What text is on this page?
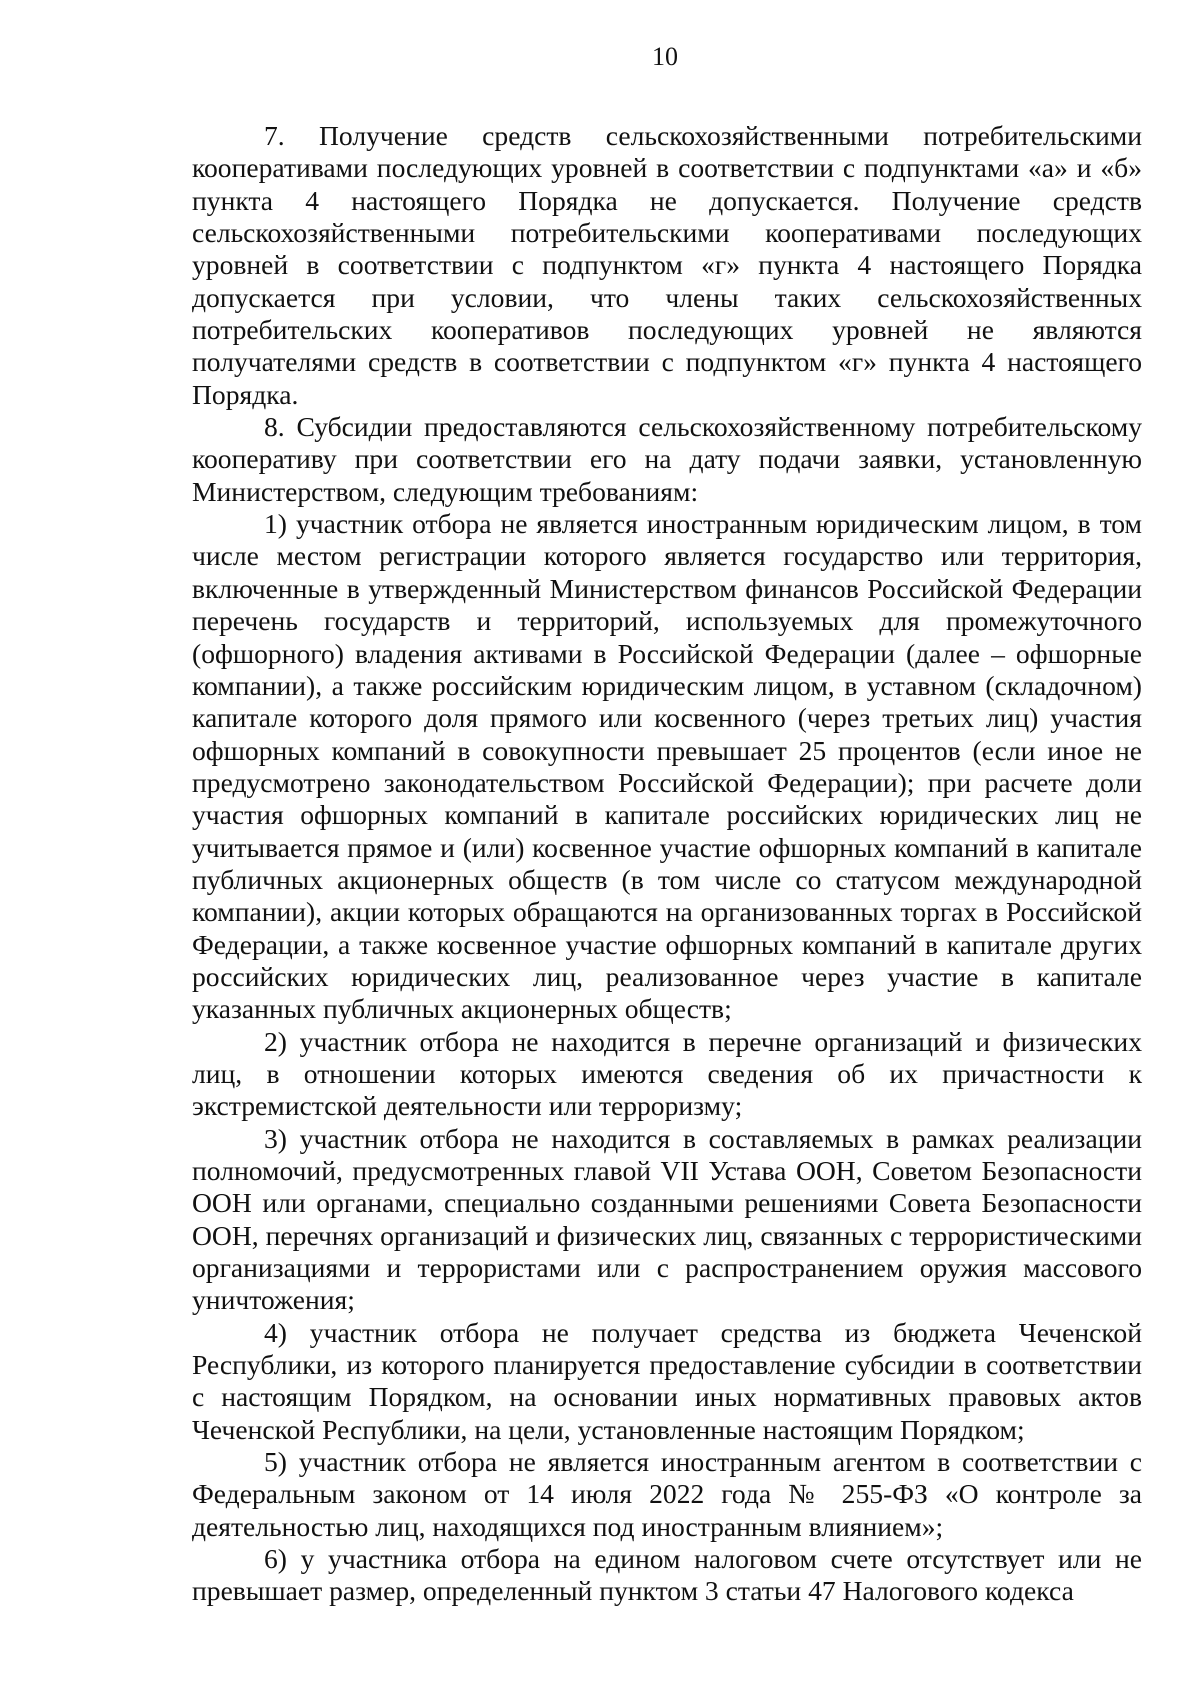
10

7. Получение средств сельскохозяйственными потребительскими кооперативами последующих уровней в соответствии с подпунктами «а» и «б» пункта 4 настоящего Порядка не допускается. Получение средств сельскохозяйственными потребительскими кооперативами последующих уровней в соответствии с подпунктом «г» пункта 4 настоящего Порядка допускается при условии, что члены таких сельскохозяйственных потребительских кооперативов последующих уровней не являются получателями средств в соответствии с подпунктом «г» пункта 4 настоящего Порядка.

8. Субсидии предоставляются сельскохозяйственному потребительскому кооперативу при соответствии его на дату подачи заявки, установленную Министерством, следующим требованиям:

1) участник отбора не является иностранным юридическим лицом, в том числе местом регистрации которого является государство или территория, включенные в утвержденный Министерством финансов Российской Федерации перечень государств и территорий, используемых для промежуточного (офшорного) владения активами в Российской Федерации (далее – офшорные компании), а также российским юридическим лицом, в уставном (складочном) капитале которого доля прямого или косвенного (через третьих лиц) участия офшорных компаний в совокупности превышает 25 процентов (если иное не предусмотрено законодательством Российской Федерации); при расчете доли участия офшорных компаний в капитале российских юридических лиц не учитывается прямое и (или) косвенное участие офшорных компаний в капитале публичных акционерных обществ (в том числе со статусом международной компании), акции которых обращаются на организованных торгах в Российской Федерации, а также косвенное участие офшорных компаний в капитале других российских юридических лиц, реализованное через участие в капитале указанных публичных акционерных обществ;

2) участник отбора не находится в перечне организаций и физических лиц, в отношении которых имеются сведения об их причастности к экстремистской деятельности или терроризму;

3) участник отбора не находится в составляемых в рамках реализации полномочий, предусмотренных главой VII Устава ООН, Советом Безопасности ООН или органами, специально созданными решениями Совета Безопасности ООН, перечнях организаций и физических лиц, связанных с террористическими организациями и террористами или с распространением оружия массового уничтожения;

4) участник отбора не получает средства из бюджета Чеченской Республики, из которого планируется предоставление субсидии в соответствии с настоящим Порядком, на основании иных нормативных правовых актов Чеченской Республики, на цели, установленные настоящим Порядком;

5) участник отбора не является иностранным агентом в соответствии с Федеральным законом от 14 июля 2022 года № 255-ФЗ «О контроле за деятельностью лиц, находящихся под иностранным влиянием»;

6) у участника отбора на едином налоговом счете отсутствует или не превышает размер, определенный пунктом 3 статьи 47 Налогового кодекса
